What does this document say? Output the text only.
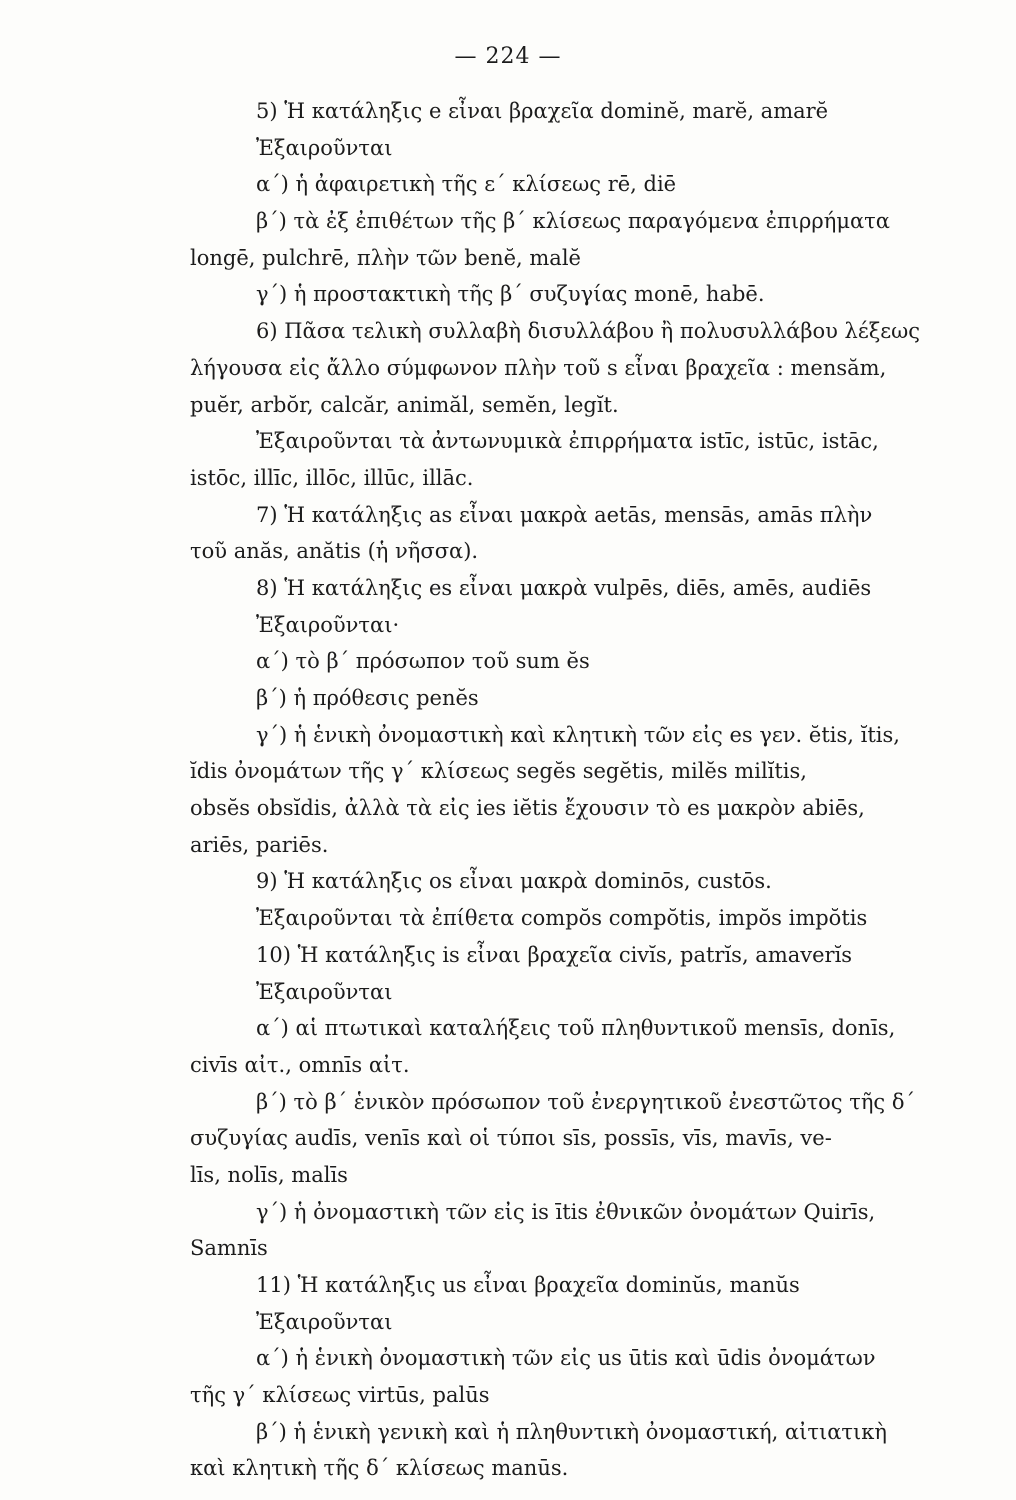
— 224 —
5) Ἡ κατάληξις e εἶναι βραχεῖα dominĕ, marĕ, amarĕ
Ἐξαιροῦνται
α΄) ἡ ἀφαιρετικὴ τῆς ε΄ κλίσεως rē, diē
β΄) τὰ ἐξ ἐπιθέτων τῆς β΄ κλίσεως παραγόμενα ἐπιρρήματα
longē, pulchrē, πλὴν τῶν benĕ, malĕ
γ΄) ἡ προστακτικὴ τῆς β΄ συζυγίας monē, habē.
6) Πᾶσα τελικὴ συλλαβὴ δισυλλάβου ἢ πολυσυλλάβου λέξεως
λήγουσα εἰς ἄλλο σύμφωνον πλὴν τοῦ s εἶναι βραχεῖα : mensăm,
puĕr, arbŏr, calcăr, animăl, semĕn, legĭt.
Ἐξαιροῦνται τὰ ἀντωνυμικὰ ἐπιρρήματα istīc, istūc, istāc,
istōc, illīc, illōc, illūc, illāc.
7) Ἡ κατάληξις as εἶναι μακρὰ aetās, mensās, amās πλὴν
τοῦ anăs, anătis (ἡ νῆσσα).
8) Ἡ κατάληξις es εἶναι μακρὰ vulpēs, diēs, amēs, audiēs
Ἐξαιροῦνται·
α΄) τὸ β΄ πρόσωπον τοῦ sum ĕs
β΄) ἡ πρόθεσις penĕs
γ΄) ἡ ἑνικὴ ὀνομαστικὴ καὶ κλητικὴ τῶν εἰς es γεν. ĕtis, ĭtis,
ĭdis ὀνομάτων τῆς γ΄ κλίσεως segĕs segĕtis, milĕs milĭtis,
obsĕs obsĭdis, ἀλλὰ τὰ εἰς ies iĕtis ἔχουσιν τὸ es μακρὸν abiēs,
ariēs, pariēs.
9) Ἡ κατάληξις os εἶναι μακρὰ dominōs, custōs.
Ἐξαιροῦνται τὰ ἐπίθετα compŏs compŏtis, impŏs impŏtis
10) Ἡ κατάληξις is εἶναι βραχεῖα civĭs, patrĭs, amaverĭs
Ἐξαιροῦνται
α΄) αἱ πτωτικαὶ καταλήξεις τοῦ πληθυντικοῦ mensīs, donīs,
civīs αἰτ., omnīs αἰτ.
β΄) τὸ β΄ ἑνικὸν πρόσωπον τοῦ ἐνεργητικοῦ ἐνεστῶτος τῆς δ΄
συζυγίας audīs, venīs καὶ οἱ τύποι sīs, possīs, vīs, mavīs, ve-
līs, nolīs, malīs
γ΄) ἡ ὀνομαστικὴ τῶν εἰς is ītis ἐθνικῶν ὀνομάτων Quirīs,
Samnīs
11) Ἡ κατάληξις us εἶναι βραχεῖα dominŭs, manŭs
Ἐξαιροῦνται
α΄) ἡ ἑνικὴ ὀνομαστικὴ τῶν εἰς us ūtis καὶ ūdis ὀνομάτων
τῆς γ΄ κλίσεως virtūs, palūs
β΄) ἡ ἑνικὴ γενικὴ καὶ ἡ πληθυντικὴ ὀνομαστική, αἰτιατικὴ
καὶ κλητικὴ τῆς δ΄ κλίσεως manūs.
